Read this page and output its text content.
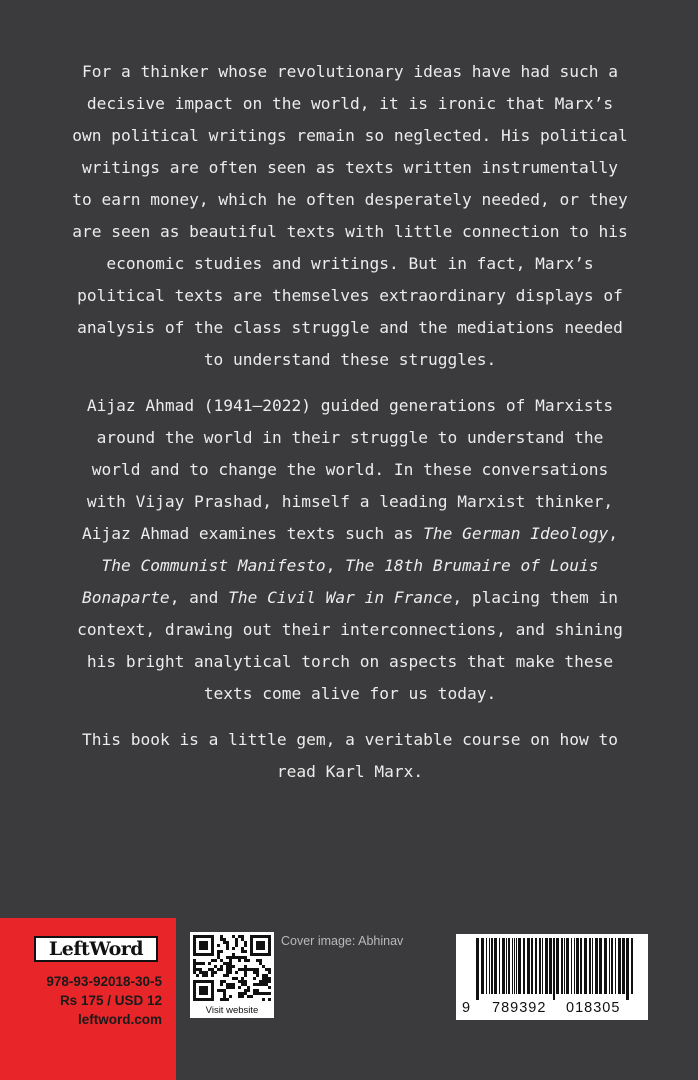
For a thinker whose revolutionary ideas have had such a decisive impact on the world, it is ironic that Marx’s own political writings remain so neglected. His political writings are often seen as texts written instrumentally to earn money, which he often desperately needed, or they are seen as beautiful texts with little connection to his economic studies and writings. But in fact, Marx’s political texts are themselves extraordinary displays of analysis of the class struggle and the mediations needed to understand these struggles.

Aijaz Ahmad (1941–2022) guided generations of Marxists around the world in their struggle to understand the world and to change the world. In these conversations with Vijay Prashad, himself a leading Marxist thinker, Aijaz Ahmad examines texts such as The German Ideology, The Communist Manifesto, The 18th Brumaire of Louis Bonaparte, and The Civil War in France, placing them in context, drawing out their interconnections, and shining his bright analytical torch on aspects that make these texts come alive for us today.

This book is a little gem, a veritable course on how to read Karl Marx.

LeftWord
978-93-92018-30-5
Rs 175 / USD 12
leftword.com
Visit website
Cover image: Abhinav
9 789392 018305
